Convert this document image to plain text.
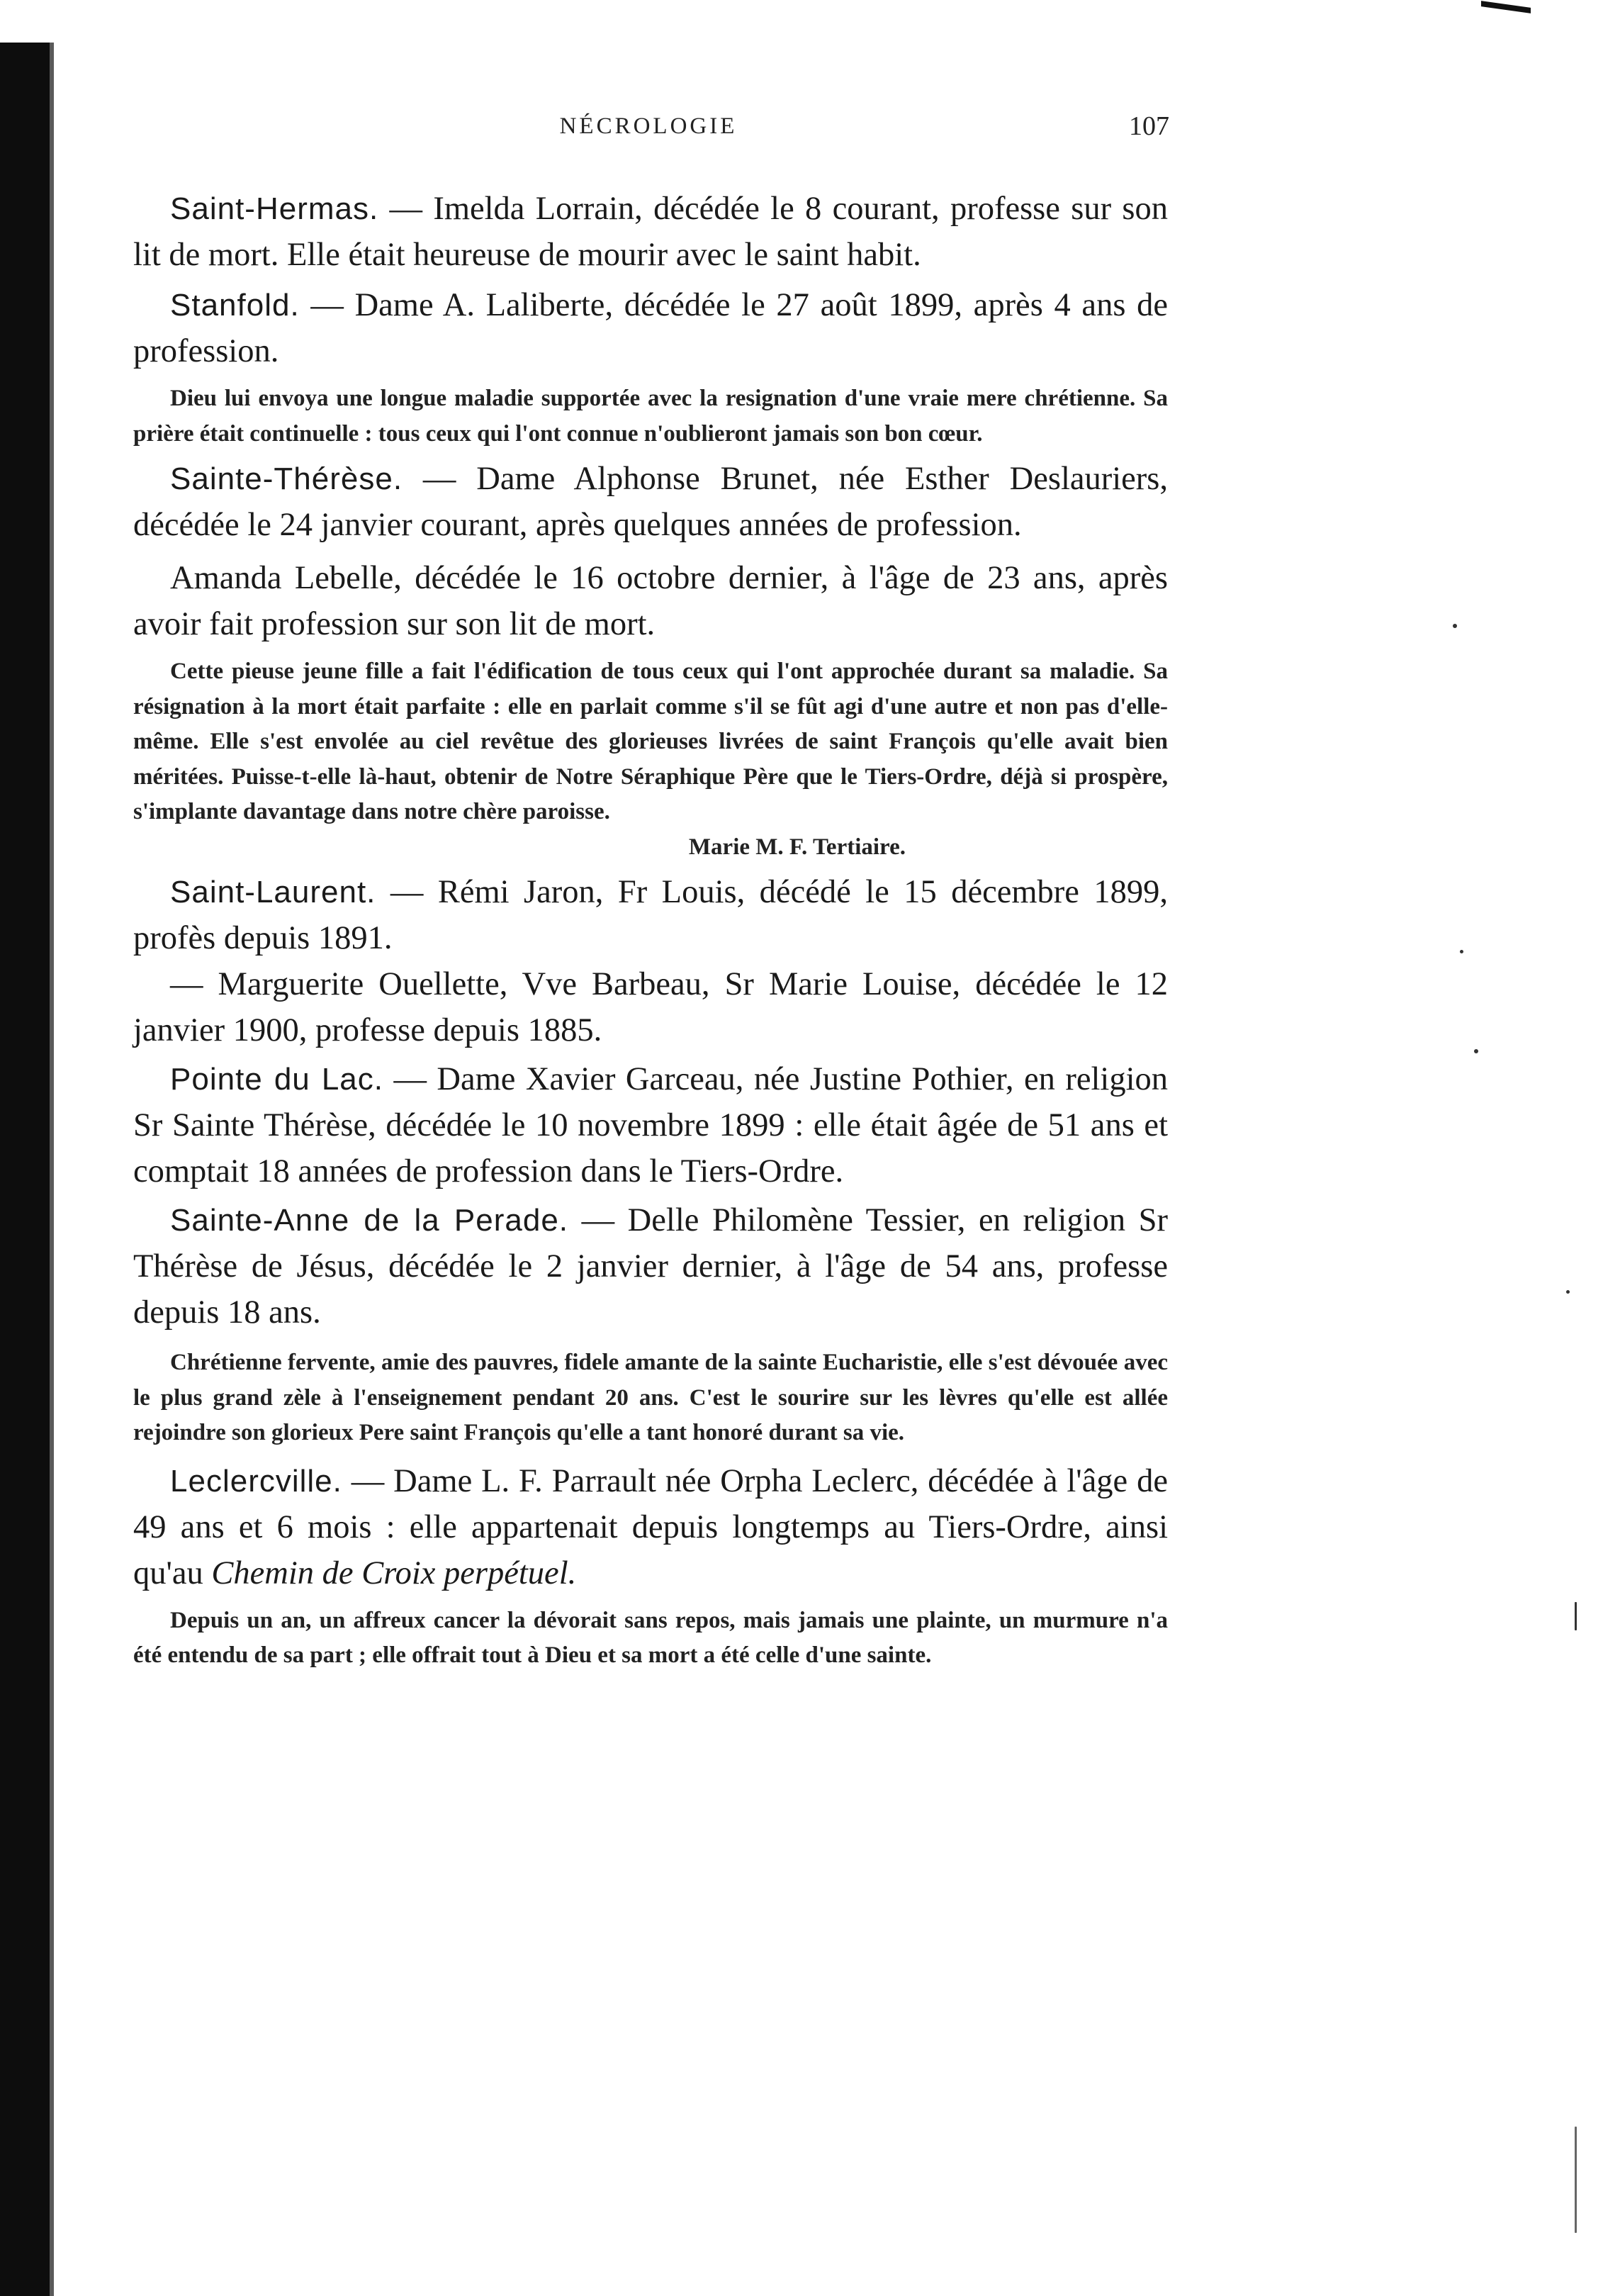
NÉCROLOGIE	107

Saint-Hermas. — Imelda Lorrain, décédée le 8 courant, professe sur son lit de mort. Elle était heureuse de mourir avec le saint habit.

Stanfold. — Dame A. Laliberte, décédée le 27 août 1899, après 4 ans de profession.

Dieu lui envoya une longue maladie supportée avec la resignation d'une vraie mere chrétienne. Sa prière était continuelle : tous ceux qui l'ont connue n'oublieront jamais son bon cœur.

Sainte-Thérèse. — Dame Alphonse Brunet, née Esther Deslauriers, décédée le 24 janvier courant, après quelques années de profession.

Amanda Lebelle, décédée le 16 octobre dernier, à l'âge de 23 ans, après avoir fait profession sur son lit de mort.

Cette pieuse jeune fille a fait l'édification de tous ceux qui l'ont approchée durant sa maladie. Sa résignation à la mort était parfaite : elle en parlait comme s'il se fût agi d'une autre et non pas d'elle-même. Elle s'est envolée au ciel revêtue des glorieuses livrées de saint François qu'elle avait bien méritées. Puisse-t-elle là-haut, obtenir de Notre Séraphique Père que le Tiers-Ordre, déjà si prospère, s'implante davantage dans notre chère paroisse.

Marie M. F. Tertiaire.

Saint-Laurent. — Rémi Jaron, Fr Louis, décédé le 15 décembre 1899, profès depuis 1891.

— Marguerite Ouellette, Vve Barbeau, Sr Marie Louise, décédée le 12 janvier 1900, professe depuis 1885.

Pointe du Lac. — Dame Xavier Garceau, née Justine Pothier, en religion Sr Sainte Thérèse, décédée le 10 novembre 1899 : elle était âgée de 51 ans et comptait 18 années de profession dans le Tiers-Ordre.

Sainte-Anne de la Perade. — Delle Philomène Tessier, en religion Sr Thérèse de Jésus, décédée le 2 janvier dernier, à l'âge de 54 ans, professe depuis 18 ans.

Chrétienne fervente, amie des pauvres, fidele amante de la sainte Eucharistie, elle s'est dévouée avec le plus grand zèle à l'enseignement pendant 20 ans. C'est le sourire sur les lèvres qu'elle est allée rejoindre son glorieux Pere saint François qu'elle a tant honoré durant sa vie.

Leclercville. — Dame L. F. Parrault née Orpha Leclerc, décédée à l'âge de 49 ans et 6 mois : elle appartenait depuis longtemps au Tiers-Ordre, ainsi qu'au Chemin de Croix perpétuel.

Depuis un an, un affreux cancer la dévorait sans repos, mais jamais une plainte, un murmure n'a été entendu de sa part ; elle offrait tout à Dieu et sa mort a été celle d'une sainte.
